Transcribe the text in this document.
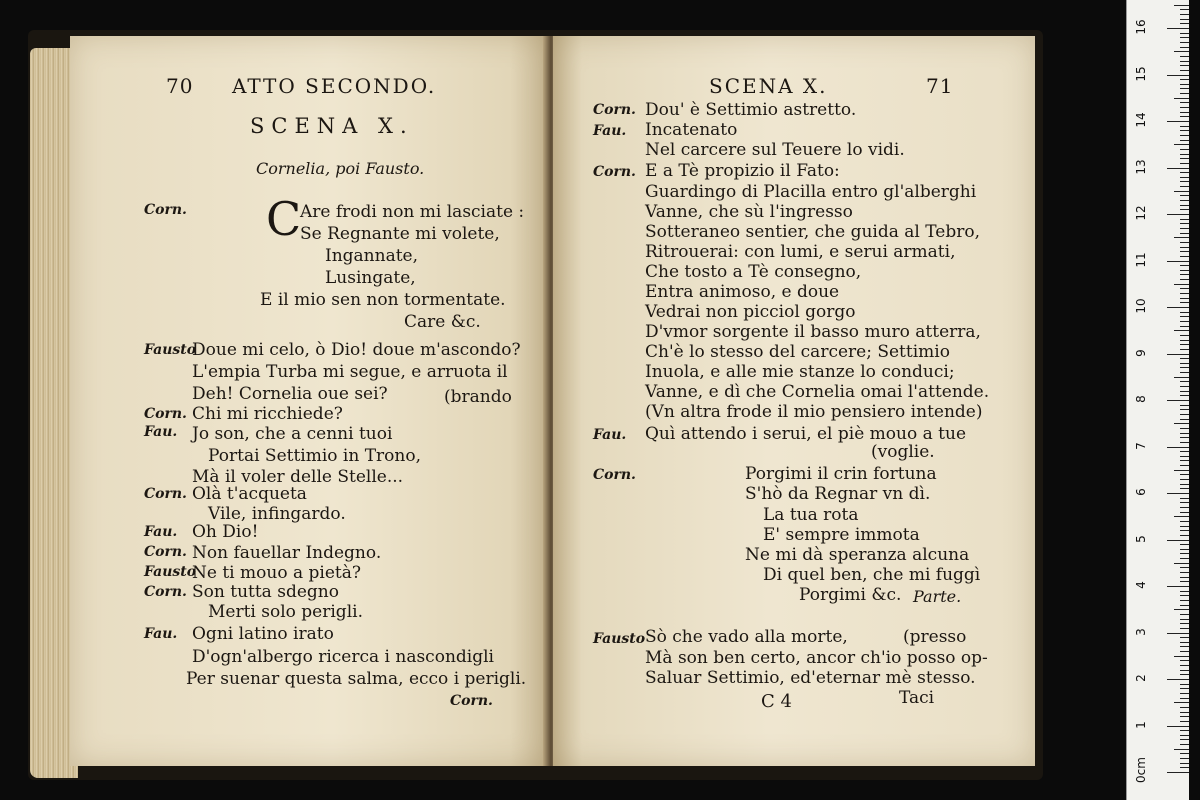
70 ATTO SECONDO.
SCENA X.
Cornelia, poi Fausto.
Corn. C
Are frodi non mi lasciate :
Se Regnante mi volete,
Ingannate,
Lusingate,
E il mio sen non tormentate.
Care &c.
Fausto
Doue mi celo, ò Dio! doue m'ascondo?
L'empia Turba mi segue, e arruota il
Deh! Cornelia oue sei?	(brando
Corn. Chi mi ricchiede?
Fau. Jo son, che a cenni tuoi
Portai Settimio in Trono,
Mà il voler delle Stelle...
Corn. Olà t'acqueta
Vile, infingardo.
Fau. Oh Dio!
Corn. Non fauellar Indegno.
Fausto
Ne ti mouo a pietà?
Corn. Son tutta sdegno
Merti solo perigli.
Fau. Ogni latino irato
D'ogn'albergo ricerca i nascondigli
Per suenar questa salma, ecco i perigli.
Corn.
SCENA X.	71
Corn. Dou' è Settimio astretto.
Fau. Incatenato
Nel carcere sul Teuere lo vidi.
Corn. E a Tè propizio il Fato:
Guardingo di Placilla entro gl'alberghi
Vanne, che sù l'ingresso
Sotteraneo sentier, che guida al Tebro,
Ritrouerai: con lumi, e serui armati,
Che tosto a Tè consegno,
Entra animoso, e doue
Vedrai non picciol gorgo
D'vmor sorgente il basso muro atterra,
Ch'è lo stesso del carcere; Settimio
Inuola, e alle mie stanze lo conduci;
Vanne, e dì che Cornelia omai l'attende.
(Vn altra frode il mio pensiero intende)
Fau. Quì attendo i serui, el piè mouo a tue
(voglie.
Corn.	Porgimi il crin fortuna
S'hò da Regnar vn dì.
La tua rota
E' sempre immota
Ne mi dà speranza alcuna
Di quel ben, che mi fuggì
Porgimi &c. Parte.
Fausto Sò che vado alla morte,	(presso
Mà son ben certo, ancor ch'io posso op-
Saluar Settimio, ed'eternar mè stesso.
C 4	Taci
0cm
1
2
3
4
5
6
7
8
9
10
11
12
13
14
15
16
